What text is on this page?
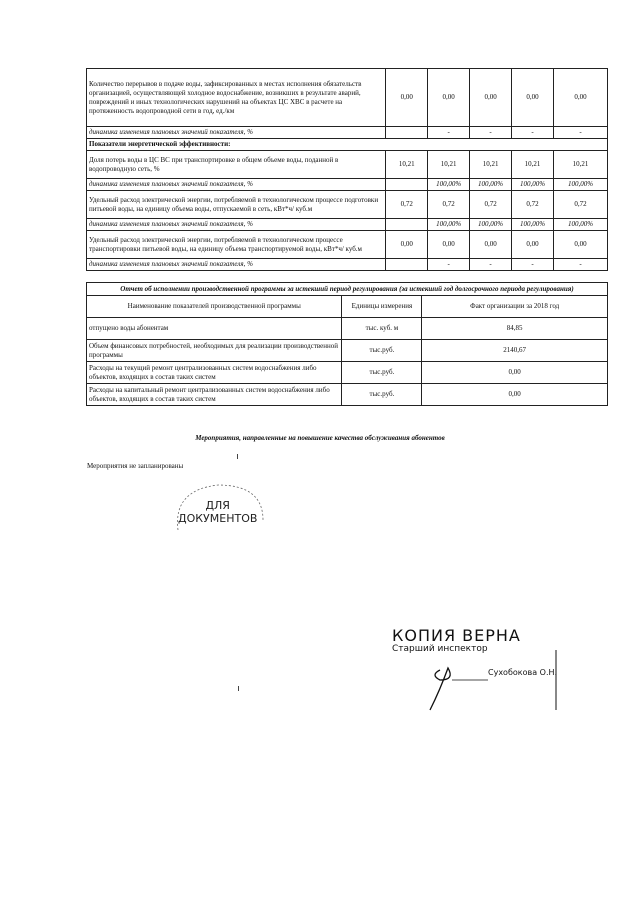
Количество перерывов в подаче воды, зафиксированных в местах исполнения обязательств организацией, осуществляющей холодное водоснабжение, возникших в результате аварий, повреждений и иных технологических нарушений на объектах ЦС ХВС в расчете на протяженность водопроводной сети в год, ед./км	0,00	0,00	0,00	0,00	0,00
динамика изменения плановых значений показателя, %		-	-	-	-
Показатели энергетической эффективности:					
Доля потерь воды в ЦС ВС при транспортировке в общем объеме воды, поданной в водопроводную сеть, %	10,21	10,21	10,21	10,21	10,21
динамика изменения плановых значений показателя, %		100,00%	100,00%	100,00%	100,00%
Удельный расход электрической энергии, потребляемой в технологическом процессе подготовки питьевой воды, на единицу объема воды, отпускаемой в сеть, кВт*ч/ куб.м	0,72	0,72	0,72	0,72	0,72
динамика изменения плановых значений показателя, %		100,00%	100,00%	100,00%	100,00%
Удельный расход электрической энергии, потребляемой в технологическом процессе транспортировки питьевой воды, на единицу объема транспортируемой воды, кВт*ч/ куб.м	0,00	0,00	0,00	0,00	0,00
динамика изменения плановых значений показателя, %		-	-	-	-
Отчет об исполнении производственной программы за истекший период регулирования (за истекший год долгосрочного периода регулирования)		
Наименование показателей производственной программы	Единицы измерения	Факт организации за 2018 год
отпущено воды абонентам	тыс. куб. м	84,85
Объем финансовых потребностей, необходимых для реализации производственной программы	тыс.руб.	2140,67
Расходы на текущий ремонт централизованных систем водоснабжения либо объектов, входящих в состав таких систем	тыс.руб.	0,00
Расходы на капитальный ремонт централизованных систем водоснабжения либо объектов, входящих в состав таких систем	тыс.руб.	0,00
Мероприятия, направленные на повышение качества обслуживания абонентов
Мероприятия не запланированы
ДЛЯ
ДОКУМЕНТОВ
КОПИЯ ВЕРНА
Старший инспектор
Сухобокова О.Н.
